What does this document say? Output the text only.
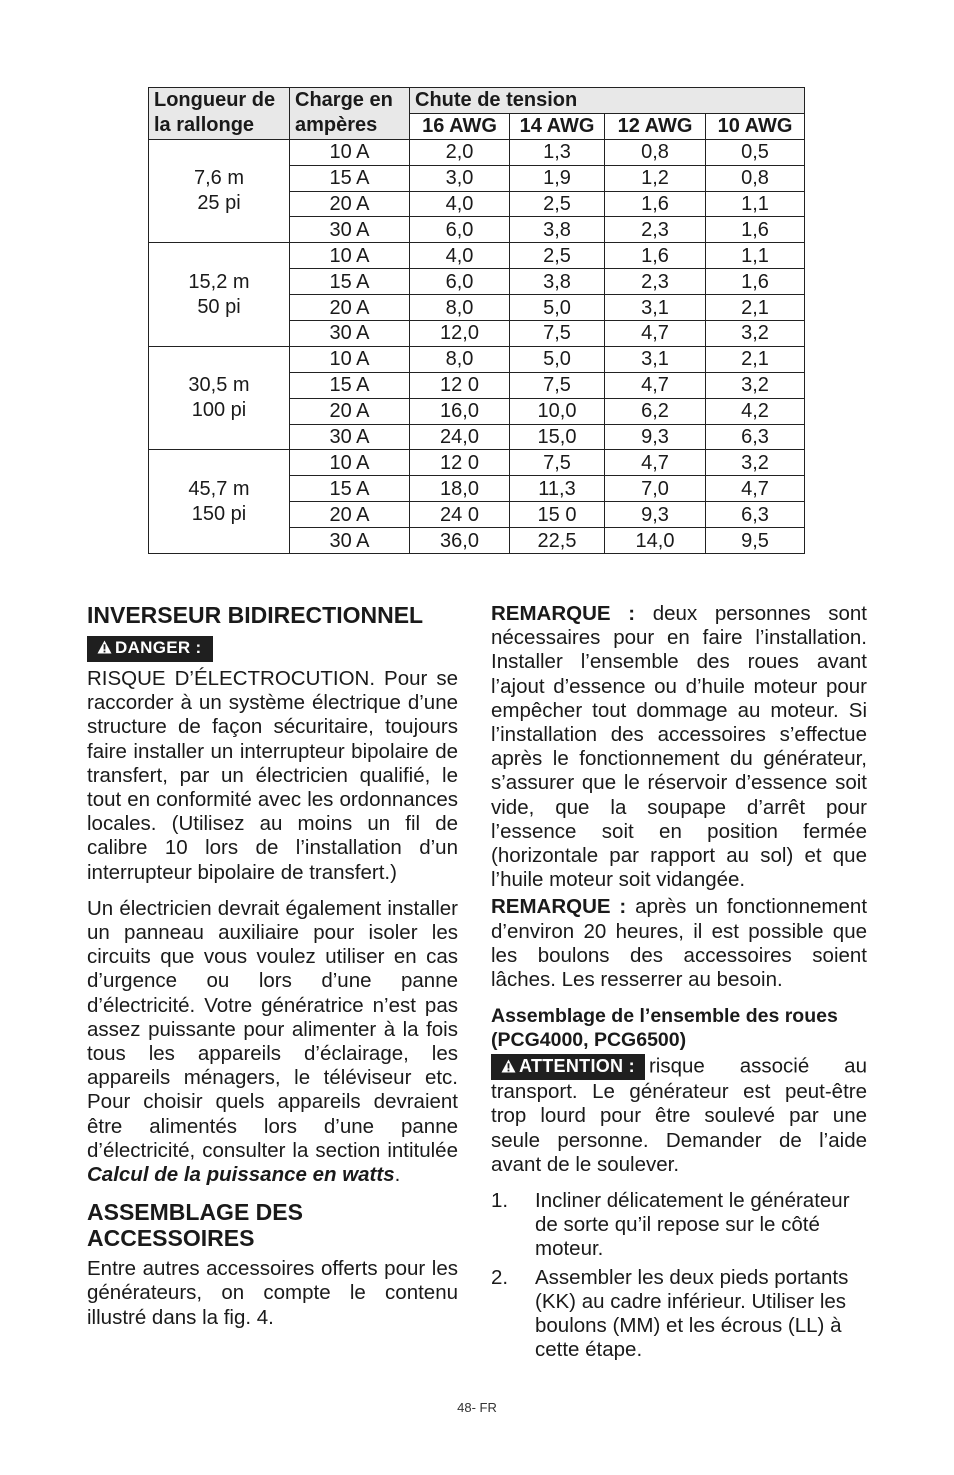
Longueur de la rallonge	Charge en ampères	Chute de tension			
		16 AWG	14 AWG	12 AWG	10 AWG

7,6 m
25 pi	10 A	2,0	1,3	0,8	0,5
	15 A	3,0	1,9	1,2	0,8
	20 A	4,0	2,5	1,6	1,1
	30 A	6,0	3,8	2,3	1,6

15,2 m
50 pi	10 A	4,0	2,5	1,6	1,1
	15 A	6,0	3,8	2,3	1,6
	20 A	8,0	5,0	3,1	2,1
	30 A	12,0	7,5	4,7	3,2

30,5 m
100 pi	10 A	8,0	5,0	3,1	2,1
	15 A	12 0	7,5	4,7	3,2
	20 A	16,0	10,0	6,2	4,2
	30 A	24,0	15,0	9,3	6,3

45,7 m
150 pi	10 A	12 0	7,5	4,7	3,2
	15 A	18,0	11,3	7,0	4,7
	20 A	24 0	15 0	9,3	6,3
	30 A	36,0	22,5	14,0	9,5
INVERSEUR BIDIRECTIONNEL
DANGER :

RISQUE D’ÉLECTROCUTION. Pour se raccorder à un système électrique d’une structure de façon sécuritaire, toujours faire installer un interrupteur bipolaire de transfert, par un électricien qualifié, le tout en conformité avec les ordonnances locales. (Utilisez au moins un fil de calibre 10 lors de l’installation d’un interrupteur bipolaire de transfert.)

Un électricien devrait également installer un panneau auxiliaire pour isoler les circuits que vous voulez utiliser en cas d’urgence ou lors d’une panne d’électricité. Votre génératrice n’est pas assez puissante pour alimenter à la fois tous les appareils d’éclairage, les appareils ménagers, le téléviseur etc. Pour choisir quels appareils devraient être alimentés lors d’une panne d’électricité, consulter la section intitulée Calcul de la puissance en watts.

ASSEMBLAGE DES ACCESSOIRES

Entre autres accessoires offerts pour les générateurs, on compte le contenu illustré dans la fig. 4.

REMARQUE : deux personnes sont nécessaires pour en faire l’installation. Installer l’ensemble des roues avant l’ajout d’essence ou d’huile moteur pour empêcher tout dommage au moteur. Si l’installation des accessoires s’effectue après le fonctionnement du générateur, s’assurer que le réservoir d’essence soit vide, que la soupape d’arrêt pour l’essence soit en position fermée (horizontale par rapport au sol) et que l’huile moteur soit vidangée.

REMARQUE : après un fonctionnement d’environ 20 heures, il est possible que les boulons des accessoires soient lâches. Les resserrer au besoin.

Assemblage de l’ensemble des roues (PCG4000, PCG6500)

ATTENTION : risque associé au transport. Le générateur est peut-être trop lourd pour être soulevé par une seule personne. Demander de l’aide avant de le soulever.

1. Incliner délicatement le générateur de sorte qu’il repose sur le côté moteur.
2. Assembler les deux pieds portants (KK) au cadre inférieur. Utiliser les boulons (MM) et les écrous (LL) à cette étape.
48- FR
